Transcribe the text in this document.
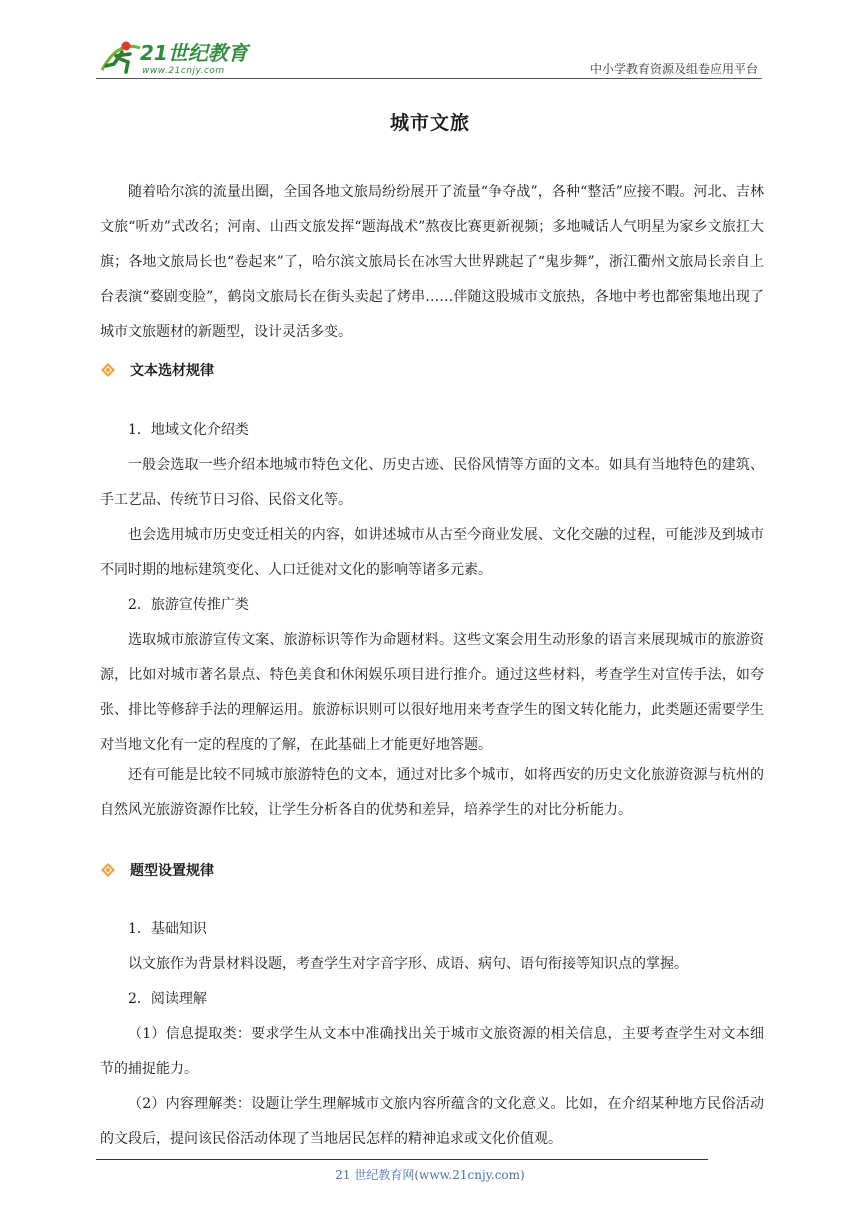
21世纪教育
www.21cnjy.com	中小学教育资源及组卷应用平台
城市文旅

随着哈尔滨的流量出圈，全国各地文旅局纷纷展开了流量“争夺战”，各种“整活”应接不暇。河北、吉林文旅“听劝”式改名；河南、山西文旅发挥“题海战术”熬夜比赛更新视频；多地喊话人气明星为家乡文旅扛大旗；各地文旅局长也“卷起来”了，哈尔滨文旅局长在冰雪大世界跳起了“鬼步舞”，浙江衢州文旅局长亲自上台表演“婺剧变脸”，鹤岗文旅局长在街头卖起了烤串……伴随这股城市文旅热，各地中考也都密集地出现了城市文旅题材的新题型，设计灵活多变。

文本选材规律

1．地域文化介绍类

一般会选取一些介绍本地城市特色文化、历史古迹、民俗风情等方面的文本。如具有当地特色的建筑、手工艺品、传统节日习俗、民俗文化等。

也会选用城市历史变迁相关的内容，如讲述城市从古至今商业发展、文化交融的过程，可能涉及到城市不同时期的地标建筑变化、人口迁徙对文化的影响等诸多元素。

2．旅游宣传推广类

选取城市旅游宣传文案、旅游标识等作为命题材料。这些文案会用生动形象的语言来展现城市的旅游资源，比如对城市著名景点、特色美食和休闲娱乐项目进行推介。通过这些材料，考查学生对宣传手法，如夸张、排比等修辞手法的理解运用。旅游标识则可以很好地用来考查学生的图文转化能力，此类题还需要学生对当地文化有一定的程度的了解，在此基础上才能更好地答题。

还有可能是比较不同城市旅游特色的文本，通过对比多个城市，如将西安的历史文化旅游资源与杭州的自然风光旅游资源作比较，让学生分析各自的优势和差异，培养学生的对比分析能力。

题型设置规律

1．基础知识

以文旅作为背景材料设题，考查学生对字音字形、成语、病句、语句衔接等知识点的掌握。

2．阅读理解

（1）信息提取类：要求学生从文本中准确找出关于城市文旅资源的相关信息，主要考查学生对文本细节的捕捉能力。

（2）内容理解类：设题让学生理解城市文旅内容所蕴含的文化意义。比如，在介绍某种地方民俗活动的文段后，提问该民俗活动体现了当地居民怎样的精神追求或文化价值观。

21 世纪教育网(www.21cnjy.com)
